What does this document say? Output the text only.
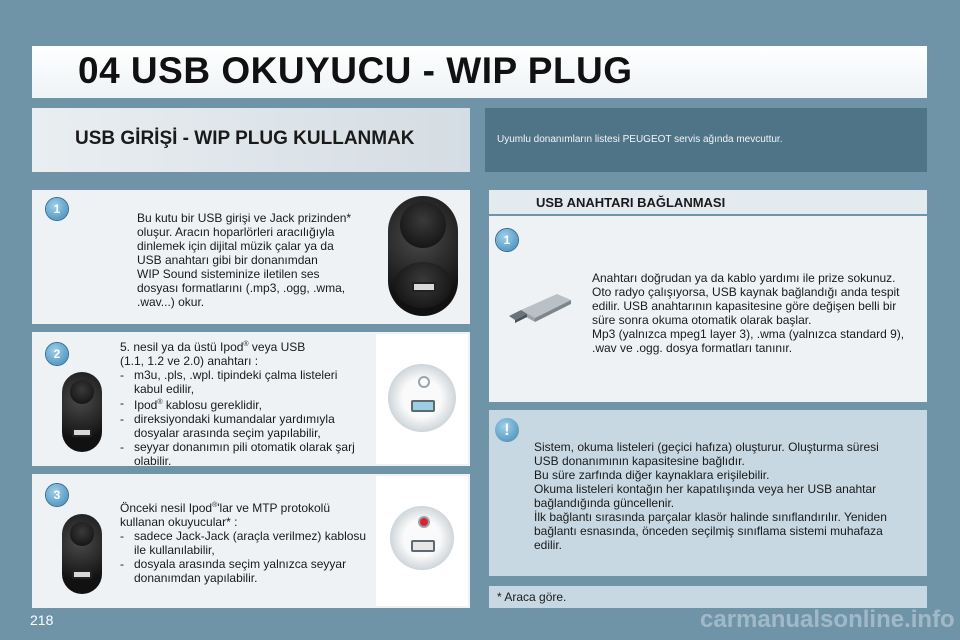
04 USB OKUYUCU - WIP PLUG
USB GİRİŞİ - WIP PLUG KULLANMAK	Uyumlu donanımların listesi PEUGEOT servis ağında mevcuttur.
1
Bu kutu bir USB girişi ve Jack prizinden*
oluşur. Aracın hoparlörleri aracılığıyla
dinlemek için dijital müzik çalar ya da
USB anahtarı gibi bir donanımdan
WIP Sound sisteminize iletilen ses
dosyası formatlarını (.mp3, .ogg, .wma,
.wav...) okur.
2	5. nesil ya da üstü Ipod® veya USB
(1.1, 1.2 ve 2.0) anahtarı :
- m3u, .pls, .wpl. tipindeki çalma listeleri kabul edilir,
- Ipod® kablosu gereklidir,
- direksiyondaki kumandalar yardımıyla dosyalar arasında seçim yapılabilir,
- seyyar donanımın pili otomatik olarak şarj olabilir.
3
Önceki nesil Ipod®'lar ve MTP protokolü
kullanan okuyucular* :
- sadece Jack-Jack (araçla verilmez) kablosu ile kullanılabilir,
- dosyala arasında seçim yalnızca seyyar donanımdan yapılabilir.
USB ANAHTARI BAĞLANMASI
1
Anahtarı doğrudan ya da kablo yardımı ile prize sokunuz.
Oto radyo çalışıyorsa, USB kaynak bağlandığı anda tespit
edilir. USB anahtarının kapasitesine göre değişen belli bir
süre sonra okuma otomatik olarak başlar.
Mp3 (yalnızca mpeg1 layer 3), .wma (yalnızca standard 9),
.wav ve .ogg. dosya formatları tanınır.
!
Sistem, okuma listeleri (geçici hafıza) oluşturur. Oluşturma süresi
USB donanımının kapasitesine bağlıdır.
Bu süre zarfında diğer kaynaklara erişilebilir.
Okuma listeleri kontağın her kapatılışında veya her USB anahtar
bağlandığında güncellenir.
İlk bağlantı sırasında parçalar klasör halinde sınıflandırılır. Yeniden
bağlantı esnasında, önceden seçilmiş sınıflama sistemi muhafaza
edilir.
* Araca göre.
218	carmanualsonline.info
